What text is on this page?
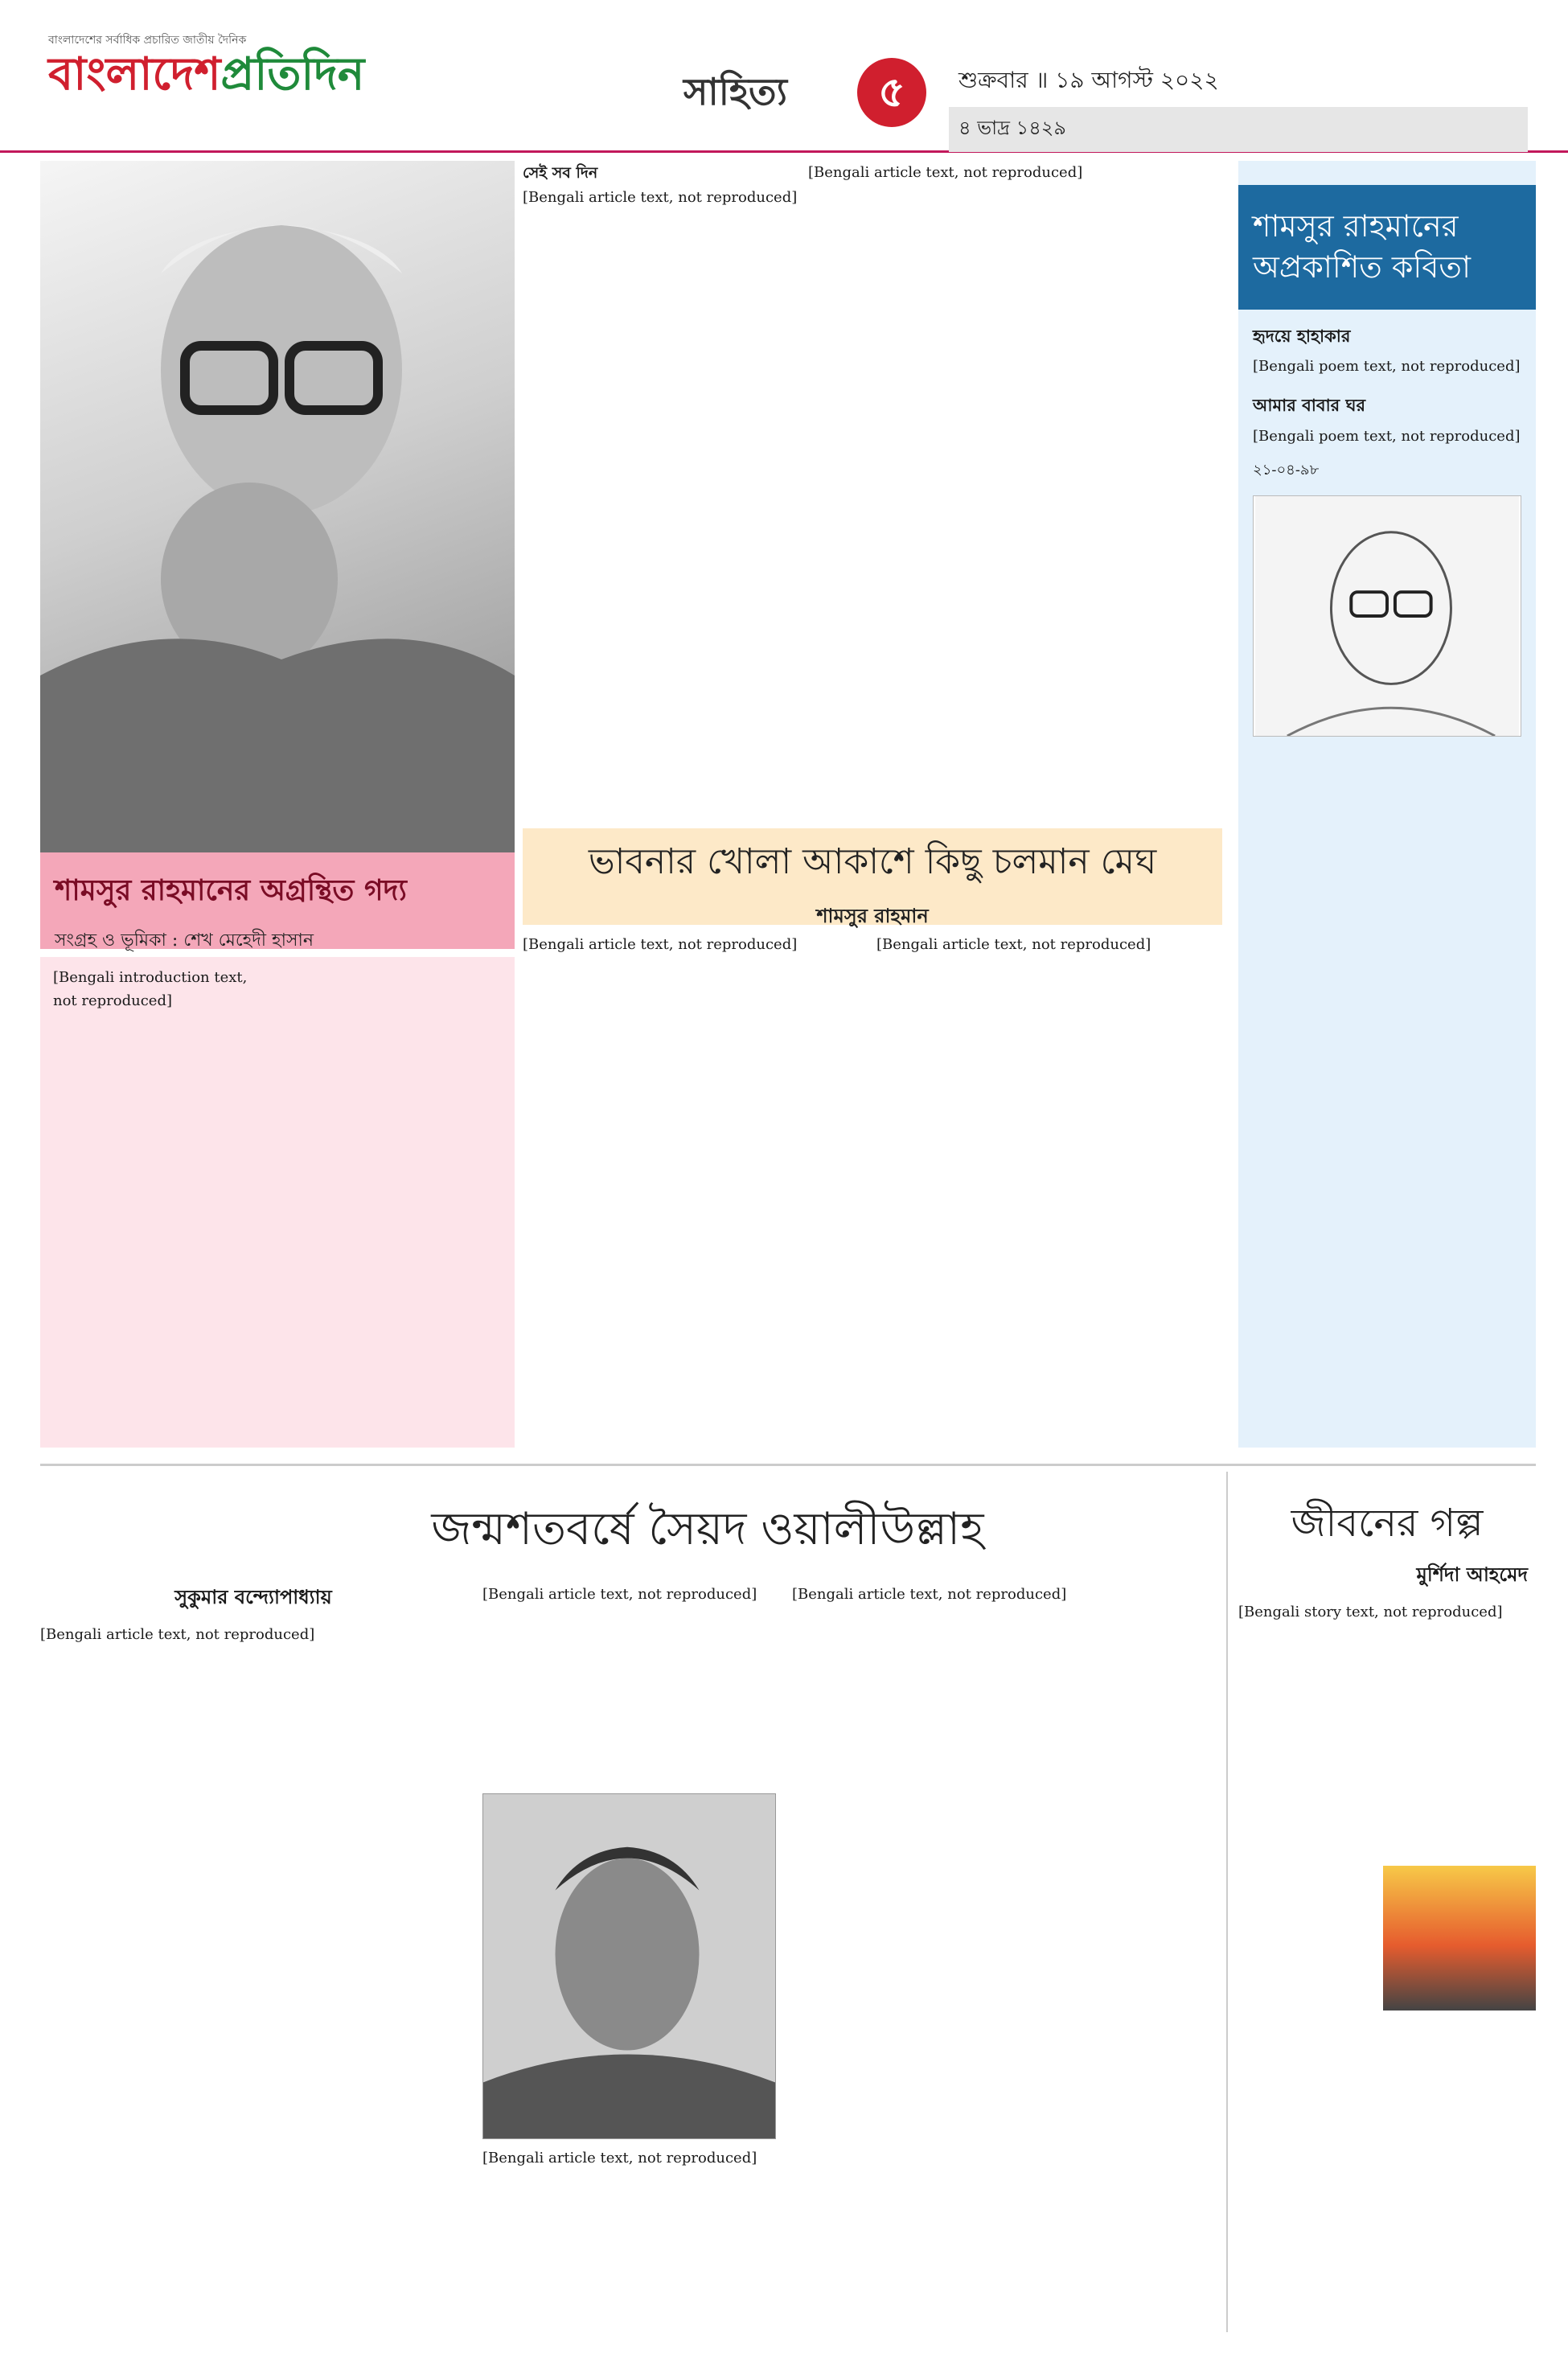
বাংলাদেশের সর্বাধিক প্রচারিত জাতীয় দৈনিক
বাংলাদেশপ্রতিদিন	সাহিত্য	৫	শুক্রবার ॥ ১৯ আগস্ট ২০২২
৪ ভাদ্র ১৪২৯
শামসুর রাহমানের অগ্রন্থিত গদ্য
সংগ্রহ ও ভূমিকা : শেখ মেহেদী হাসান
[Bengali introduction text, not reproduced]
সেই সব দিন
[Bengali article text, not reproduced]
[Bengali article text, not reproduced]
ভাবনার খোলা আকাশে কিছু চলমান মেঘ
শামসুর রাহমান
[Bengali article text, not reproduced]	[Bengali article text, not reproduced]
শামসুর রাহমানের অপ্রকাশিত কবিতা
হৃদয়ে হাহাকার
[Bengali poem text, not reproduced]
আমার বাবার ঘর
[Bengali poem text, not reproduced]
২১-০৪-৯৮
জন্মশতবর্ষে সৈয়দ ওয়ালীউল্লাহ
সুকুমার বন্দ্যোপাধ্যায়
[Bengali article text, not reproduced]
[Bengali article text, not reproduced]
[Bengali article text, not reproduced]
[Bengali article text, not reproduced]
জীবনের গল্প
মুর্শিদা আহমেদ
[Bengali story text, not reproduced]
